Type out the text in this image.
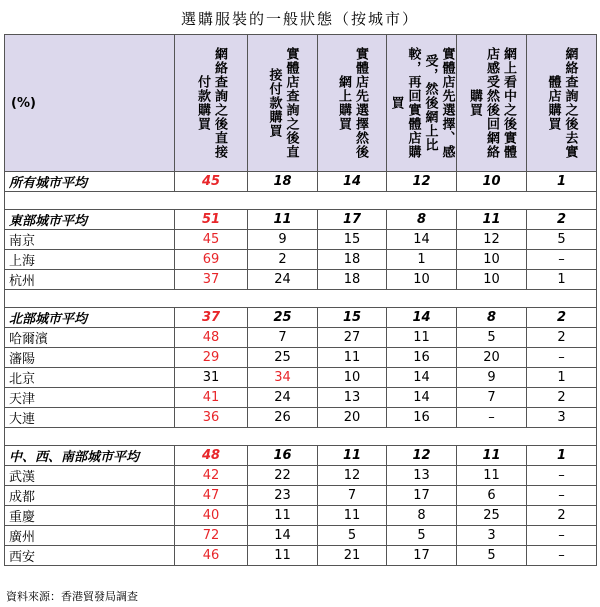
選購服裝的一般狀態（按城市）
(%)	網絡查詢之後直接付款購買	實體店查詢之後直接付款購買	實體店先選擇然後網上購買	實體店先選擇、感受，然後網上比較，再回實體店購買	網上看中之後實體店感受然後回網絡購買	網絡查詢之後去實體店購買

所有城市平均	45	18	14	12	10	1

東部城市平均	51	11	17	8	11	2
南京	45	9	15	14	12	5
上海	69	2	18	1	10	–
杭州	37	24	18	10	10	1

北部城市平均	37	25	15	14	8	2
哈爾濱	48	7	27	11	5	2
瀋陽	29	25	11	16	20	–
北京	31	34	10	14	9	1
天津	41	24	13	14	7	2
大連	36	26	20	16	–	3

中、西、南部城市平均	48	16	11	12	11	1
武漢	42	22	12	13	11	–
成都	47	23	7	17	6	–
重慶	40	11	11	8	25	2
廣州	72	14	5	5	3	–
西安	46	11	21	17	5	–
資料來源：香港貿發局調查
